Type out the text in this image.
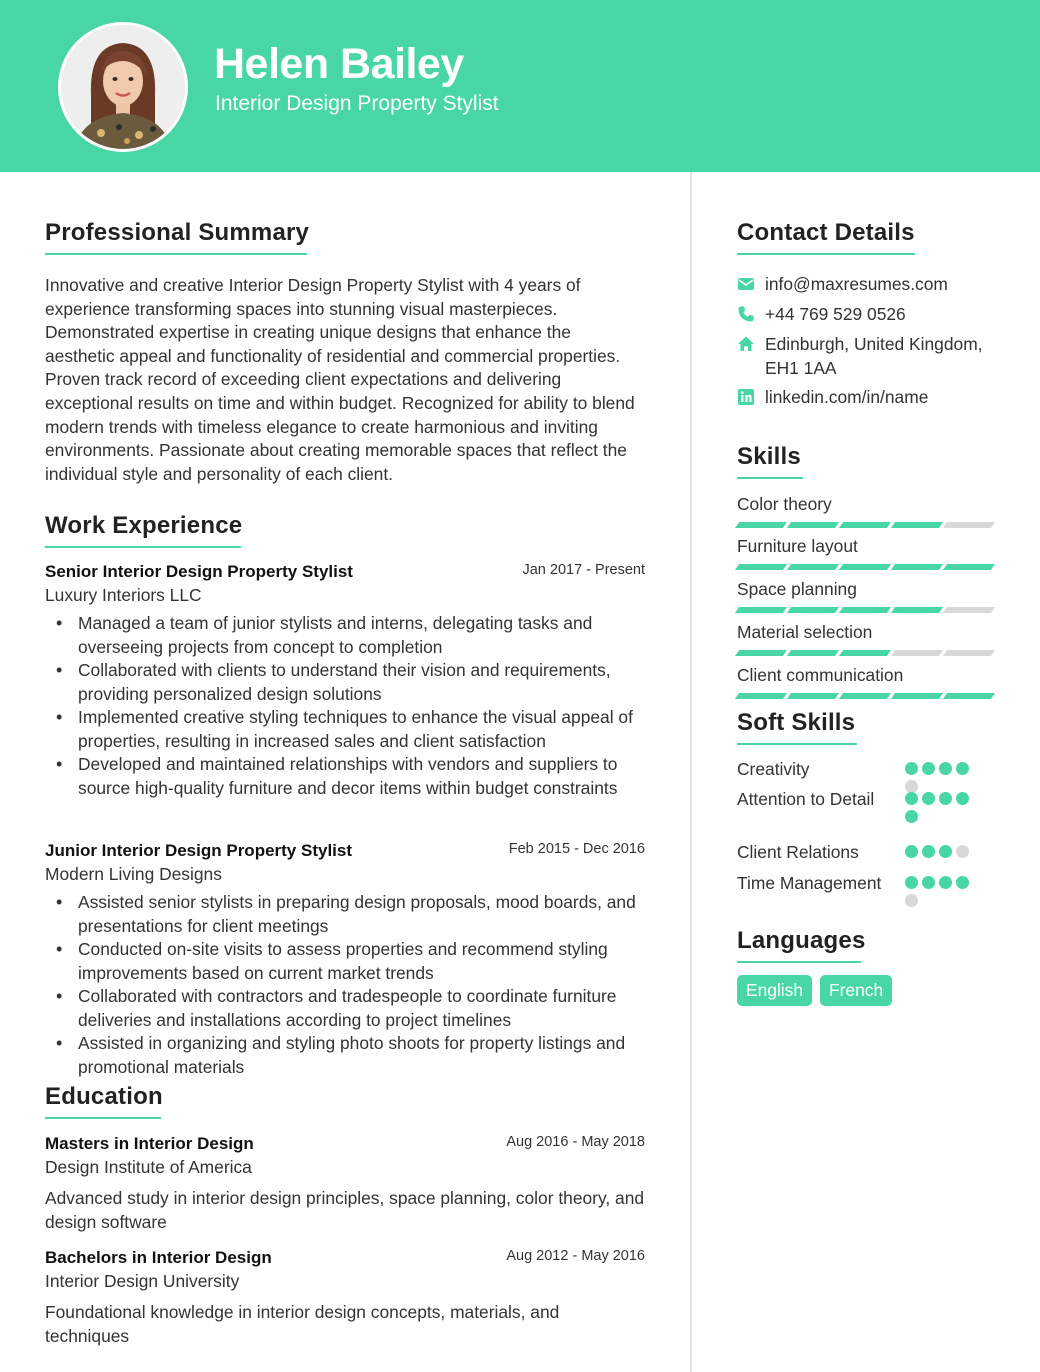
Helen Bailey
Interior Design Property Stylist
Professional Summary
Innovative and creative Interior Design Property Stylist with 4 years of experience transforming spaces into stunning visual masterpieces. Demonstrated expertise in creating unique designs that enhance the aesthetic appeal and functionality of residential and commercial properties. Proven track record of exceeding client expectations and delivering exceptional results on time and within budget. Recognized for ability to blend modern trends with timeless elegance to create harmonious and inviting environments. Passionate about creating memorable spaces that reflect the individual style and personality of each client.
Work Experience
Senior Interior Design Property Stylist	Jan 2017 - Present
Luxury Interiors LLC
• Managed a team of junior stylists and interns, delegating tasks and overseeing projects from concept to completion
• Collaborated with clients to understand their vision and requirements, providing personalized design solutions
• Implemented creative styling techniques to enhance the visual appeal of properties, resulting in increased sales and client satisfaction
• Developed and maintained relationships with vendors and suppliers to source high-quality furniture and decor items within budget constraints
Junior Interior Design Property Stylist	Feb 2015 - Dec 2016
Modern Living Designs
• Assisted senior stylists in preparing design proposals, mood boards, and presentations for client meetings
• Conducted on-site visits to assess properties and recommend styling improvements based on current market trends
• Collaborated with contractors and tradespeople to coordinate furniture deliveries and installations according to project timelines
• Assisted in organizing and styling photo shoots for property listings and promotional materials
Education
Masters in Interior Design	Aug 2016 - May 2018
Design Institute of America
Advanced study in interior design principles, space planning, color theory, and design software
Bachelors in Interior Design	Aug 2012 - May 2016
Interior Design University
Foundational knowledge in interior design concepts, materials, and techniques
Contact Details
info@maxresumes.com
+44 769 529 0526
Edinburgh, United Kingdom, EH1 1AA
linkedin.com/in/name
Skills
Color theory
Furniture layout
Space planning
Material selection
Client communication
Soft Skills
Creativity
Attention to Detail
Client Relations
Time Management
Languages
English	French
